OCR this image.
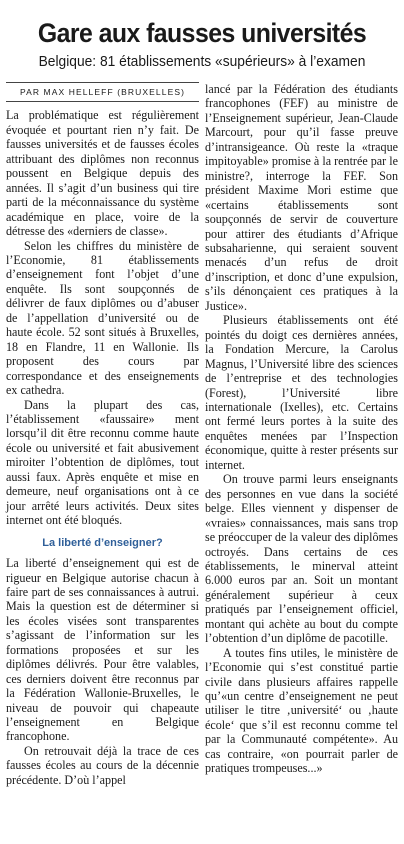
Gare aux fausses universités
Belgique: 81 établissements «supérieurs» à l’examen
PAR MAX HELLEFF (BRUXELLES)

La problématique est régulièrement évoquée et pourtant rien n’y fait. De fausses universités et de fausses écoles attribuant des diplômes non reconnus poussent en Belgique depuis des années. Il s’agit d’un business qui tire parti de la méconnaissance du système académique en place, voire de la détresse des «derniers de classe».

Selon les chiffres du ministère de l’Economie, 81 établissements d’enseignement font l’objet d’une enquête. Ils sont soupçonnés de délivrer de faux diplômes ou d’abuser de l’appellation d’université ou de haute école. 52 sont situés à Bruxelles, 18 en Flandre, 11 en Wallonie. Ils proposent des cours par correspondance et des enseignements ex cathedra.

Dans la plupart des cas, l’établissement «faussaire» ment lorsqu’il dit être reconnu comme haute école ou université et fait abusivement miroiter l’obtention de diplômes, tout aussi faux. Après enquête et mise en demeure, neuf organisations ont à ce jour arrêté leurs activités. Deux sites internet ont été bloqués.

La liberté d’enseigner?

La liberté d’enseignement qui est de rigueur en Belgique autorise chacun à faire part de ses connaissances à autrui. Mais la question est de déterminer si les écoles visées sont transparentes s’agissant de l’information sur les formations proposées et sur les diplômes délivrés. Pour être valables, ces derniers doivent être reconnus par la Fédération Wallonie-Bruxelles, le niveau de pouvoir qui chapeaute l’enseignement en Belgique francophone.

On retrouvait déjà la trace de ces fausses écoles au cours de la décennie précédente. D’où l’appel

lancé par la Fédération des étudiants francophones (FEF) au ministre de l’Enseignement supérieur, Jean-Claude Marcourt, pour qu’il fasse preuve d’intransigeance. Où reste la «traque impitoyable» promise à la rentrée par le ministre?, interroge la FEF. Son président Maxime Mori estime que «certains établissements sont soupçonnés de servir de couverture pour attirer des étudiants d’Afrique subsaharienne, qui seraient souvent menacés d’un refus de droit d’inscription, et donc d’une expulsion, s’ils dénonçaient ces pratiques à la Justice».

Plusieurs établissements ont été pointés du doigt ces dernières années, la Fondation Mercure, la Carolus Magnus, l’Université libre des sciences de l’entreprise et des technologies (Forest), l’Université libre internationale (Ixelles), etc. Certains ont fermé leurs portes à la suite des enquêtes menées par l’Inspection économique, quitte à rester présents sur internet.

On trouve parmi leurs enseignants des personnes en vue dans la société belge. Elles viennent y dispenser de «vraies» connaissances, mais sans trop se préoccuper de la valeur des diplômes octroyés. Dans certains de ces établissements, le minerval atteint 6.000 euros par an. Soit un montant généralement supérieur à ceux pratiqués par l’enseignement officiel, montant qui achète au bout du compte l’obtention d’un diplôme de pacotille.

A toutes fins utiles, le ministère de l’Economie qui s’est constitué partie civile dans plusieurs affaires rappelle qu’«un centre d’enseignement ne peut utiliser le titre ‚université‘ ou ‚haute école‘ que s’il est reconnu comme tel par la Communauté compétente». Au cas contraire, «on pourrait parler de pratiques trompeuses...»
